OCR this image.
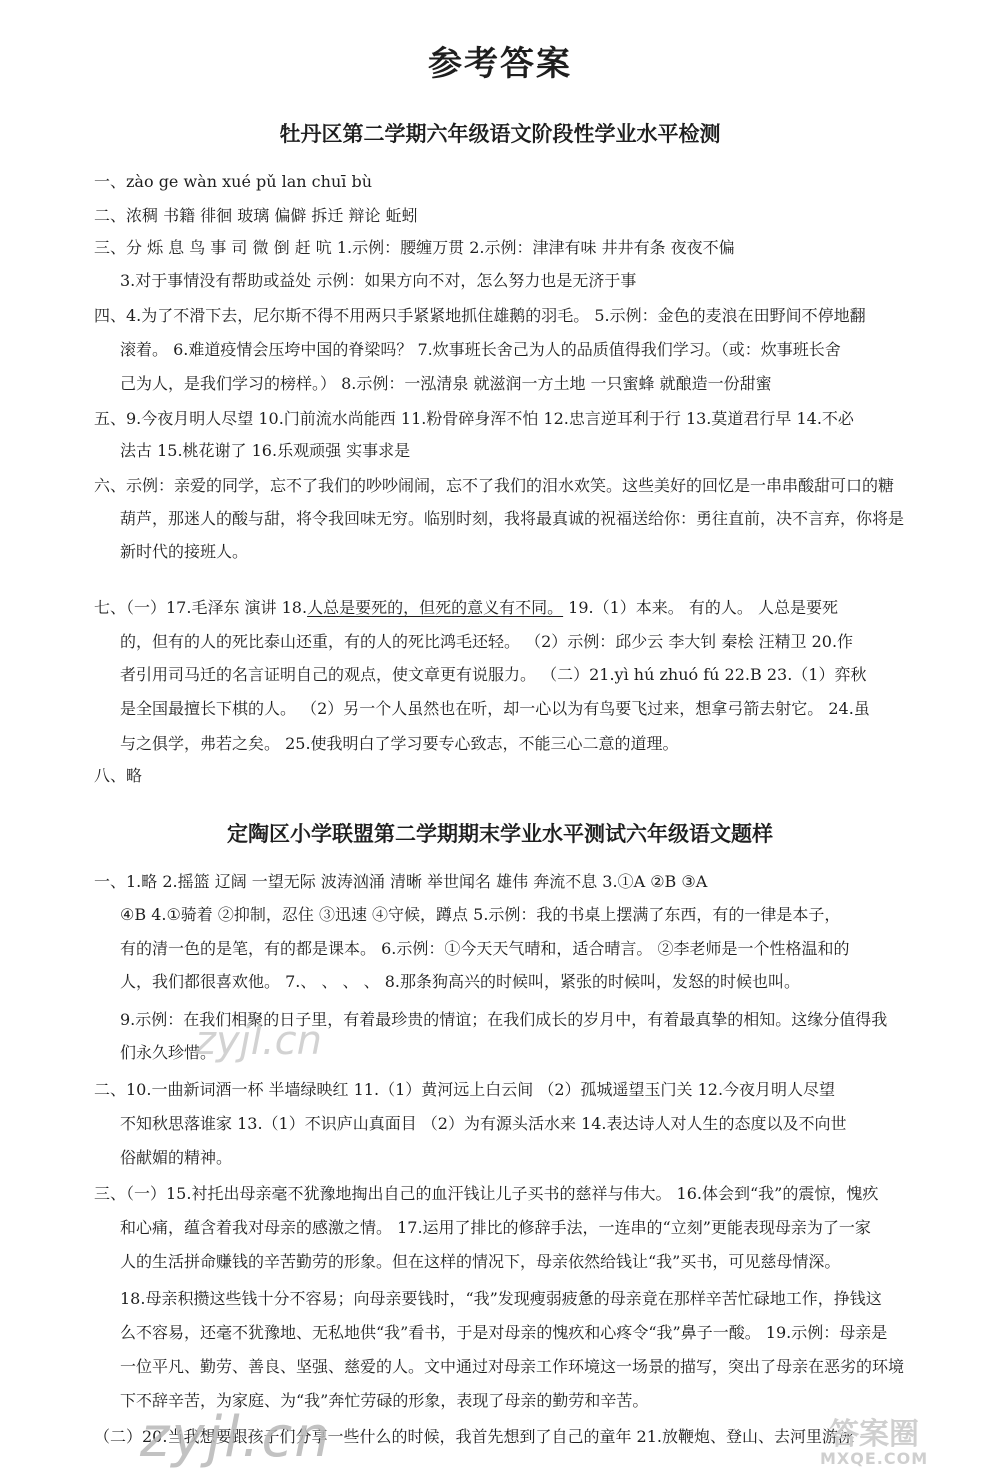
参考答案
牡丹区第二学期六年级语文阶段性学业水平检测
一、zào ge wàn xué pǔ lan chuī bù
二、浓稠 书籍 徘徊 玻璃 偏僻 拆迁 辩论 蚯蚓
三、分 烁 息 鸟 事 司 微 倒 赶 吭 1.示例：腰缠万贯 2.示例：津津有味 井井有条 夜夜不偏
3.对于事情没有帮助或益处 示例：如果方向不对，怎么努力也是无济于事
四、4.为了不滑下去，尼尔斯不得不用两只手紧紧地抓住雄鹅的羽毛。 5.示例：金色的麦浪在田野间不停地翻
滚着。 6.难道疫情会压垮中国的脊梁吗？ 7.炊事班长舍己为人的品质值得我们学习。（或：炊事班长舍
己为人，是我们学习的榜样。） 8.示例：一泓清泉 就滋润一方土地 一只蜜蜂 就酿造一份甜蜜
五、9.今夜月明人尽望 10.门前流水尚能西 11.粉骨碎身浑不怕 12.忠言逆耳利于行 13.莫道君行早 14.不必
法古 15.桃花谢了 16.乐观顽强 实事求是
六、示例：亲爱的同学，忘不了我们的吵吵闹闹，忘不了我们的泪水欢笑。这些美好的回忆是一串串酸甜可口的糖
葫芦，那迷人的酸与甜，将令我回味无穷。临别时刻，我将最真诚的祝福送给你：勇往直前，决不言弃，你将是
新时代的接班人。
七、（一）17.毛泽东 演讲 18.人总是要死的，但死的意义有不同。 19.（1）本来。 有的人。 人总是要死
的，但有的人的死比泰山还重，有的人的死比鸿毛还轻。 （2）示例：邱少云 李大钊 秦桧 汪精卫 20.作
者引用司马迁的名言证明自己的观点，使文章更有说服力。 （二）21.yì hú zhuó fú 22.B 23.（1）弈秋
是全国最擅长下棋的人。 （2）另一个人虽然也在听，却一心以为有鸟要飞过来，想拿弓箭去射它。 24.虽
与之俱学，弗若之矣。 25.使我明白了学习要专心致志，不能三心二意的道理。
八、略
定陶区小学联盟第二学期期末学业水平测试六年级语文题样
一、1.略 2.摇篮 辽阔 一望无际 波涛汹涌 清晰 举世闻名 雄伟 奔流不息 3.①A ②B ③A
④B 4.①骑着 ②抑制，忍住 ③迅速 ④守候，蹲点 5.示例：我的书桌上摆满了东西，有的一律是本子，
有的清一色的是笔，有的都是课本。 6.示例：①今天天气晴和，适合晴言。 ②李老师是一个性格温和的
人，我们都很喜欢他。 7.、 、 、 、 8.那条狗高兴的时候叫，紧张的时候叫，发怒的时候也叫。
9.示例：在我们相聚的日子里，有着最珍贵的情谊；在我们成长的岁月中，有着最真挚的相知。这缘分值得我
们永久珍惜。
二、10.一曲新词酒一杯 半墙绿映红 11.（1）黄河远上白云间 （2）孤城遥望玉门关 12.今夜月明人尽望
不知秋思落谁家 13.（1）不识庐山真面目 （2）为有源头活水来 14.表达诗人对人生的态度以及不向世
俗献媚的精神。
三、（一）15.衬托出母亲毫不犹豫地掏出自己的血汗钱让儿子买书的慈祥与伟大。 16.体会到“我”的震惊，愧疚
和心痛，蕴含着我对母亲的感激之情。 17.运用了排比的修辞手法，一连串的“立刻”更能表现母亲为了一家
人的生活拼命赚钱的辛苦勤劳的形象。但在这样的情况下，母亲依然给钱让“我”买书，可见慈母情深。
18.母亲积攒这些钱十分不容易；向母亲要钱时，“我”发现瘦弱疲惫的母亲竟在那样辛苦忙碌地工作，挣钱这
么不容易，还毫不犹豫地、无私地供“我”看书，于是对母亲的愧疚和心疼令“我”鼻子一酸。 19.示例：母亲是
一位平凡、勤劳、善良、坚强、慈爱的人。文中通过对母亲工作环境这一场景的描写，突出了母亲在恶劣的环境
下不辞辛苦，为家庭、为“我”奔忙劳碌的形象，表现了母亲的勤劳和辛苦。
（二）20.当我想要跟孩子们分享一些什么的时候，我首先想到了自己的童年 21.放鞭炮、登山、去河里游泳
zyjl.cn
zyjl.cn	答案圈
MXQE.COM
